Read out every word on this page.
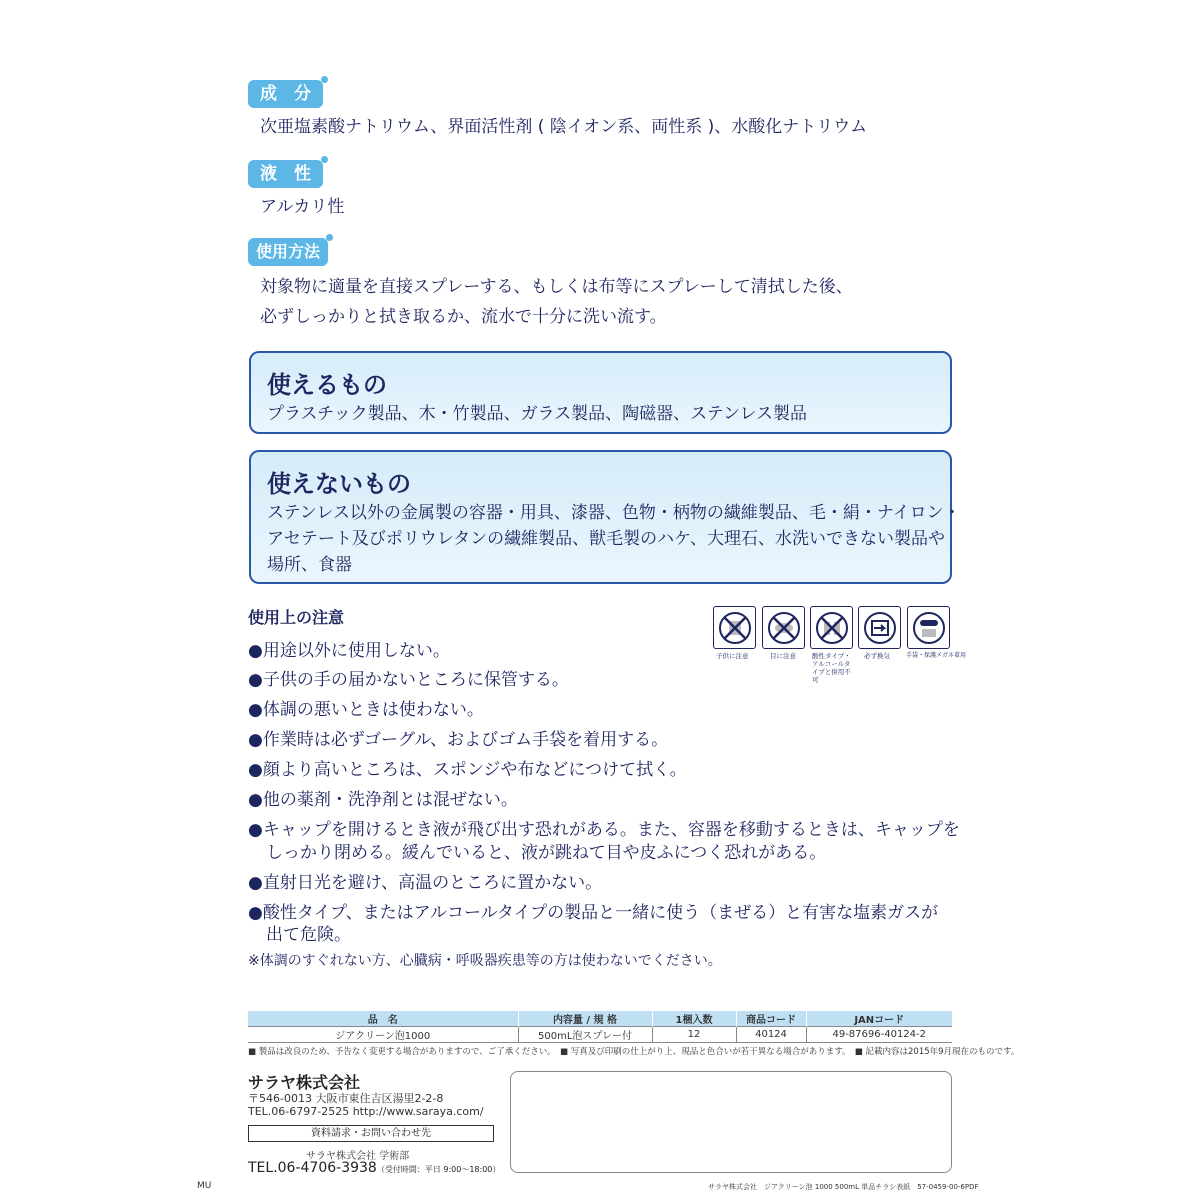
成　分
次亜塩素酸ナトリウム、界面活性剤 ( 陰イオン系、両性系 )、水酸化ナトリウム
液　性
アルカリ性
使用方法
対象物に適量を直接スプレーする、もしくは布等にスプレーして清拭した後、
必ずしっかりと拭き取るか、流水で十分に洗い流す。
使えるもの
プラスチック製品、木・竹製品、ガラス製品、陶磁器、ステンレス製品
使えないもの
ステンレス以外の金属製の容器・用具、漆器、色物・柄物の繊維製品、毛・絹・ナイロン・
アセテート及びポリウレタンの繊維製品、獣毛製のハケ、大理石、水洗いできない製品や
場所、食器
使用上の注意
●用途以外に使用しない。
●子供の手の届かないところに保管する。
●体調の悪いときは使わない。
●作業時は必ずゴーグル、およびゴム手袋を着用する。
●顔より高いところは、スポンジや布などにつけて拭く。
●他の薬剤・洗浄剤とは混ぜない。
●キャップを開けるとき液が飛び出す恐れがある。また、容器を移動するときは、キャップを
しっかり閉める。緩んでいると、液が跳ねて目や皮ふにつく恐れがある。
●直射日光を避け、高温のところに置かない。
●酸性タイプ、またはアルコールタイプの製品と一緒に使う（まぜる）と有害な塩素ガスが
出て危険。
※体調のすぐれない方、心臓病・呼吸器疾患等の方は使わないでください。
子供に注意	目に注意 酸性タイプ・アルコールタイプと併用不可
必ず換気	手袋・保護メガネ着用
品　名	内容量 / 規 格	1梱入数	商品コード	JANコード
ジアクリーン泡1000	500mL泡スプレー付	12	40124	49-87696-40124-2
■ 製品は改良のため、予告なく変更する場合がありますので、ご了承ください。　■ 写真及び印刷の仕上がり上、現品と色合いが若干異なる場合があります。　■ 記載内容は2015年9月現在のものです。
サラヤ株式会社
〒546-0013 大阪市東住吉区湯里2-2-8
TEL.06-6797-2525 http://www.saraya.com/
資料請求・お問い合わせ先
サラヤ株式会社 学術部
TEL.06-4706-3938（受付時間：平日 9:00〜18:00）
MU	サラヤ株式会社　ジアクリーン泡 1000 500mL 単品チラシ表紙　57-0459-00-6PDF
